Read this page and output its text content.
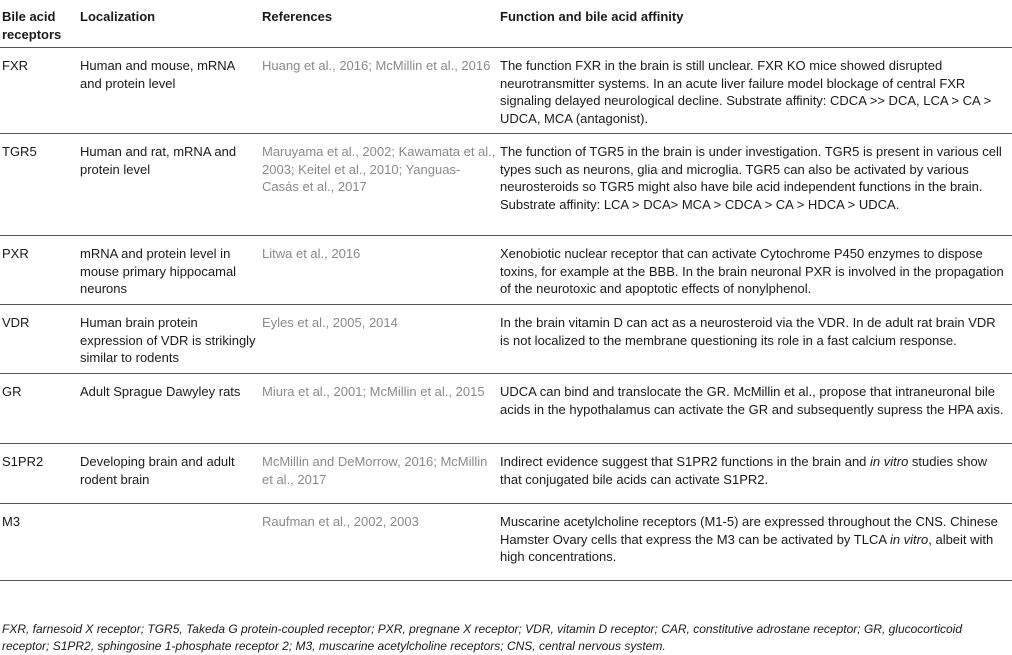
Bile acid receptors	Localization	References	Function and bile acid affinity
FXR	Human and mouse, mRNA and protein level	Huang et al., 2016; McMillin et al., 2016	The function FXR in the brain is still unclear. FXR KO mice showed disrupted neurotransmitter systems. In an acute liver failure model blockage of central FXR signaling delayed neurological decline. Substrate affinity: CDCA >> DCA, LCA > CA > UDCA, MCA (antagonist).
TGR5	Human and rat, mRNA and protein level	Maruyama et al., 2002; Kawamata et al., 2003; Keitel et al., 2010; Yanguas-Casás et al., 2017	The function of TGR5 in the brain is under investigation. TGR5 is present in various cell types such as neurons, glia and microglia. TGR5 can also be activated by various neurosteroids so TGR5 might also have bile acid independent functions in the brain. Substrate affinity: LCA > DCA> MCA > CDCA > CA > HDCA > UDCA.
PXR	mRNA and protein level in mouse primary hippocamal neurons	Litwa et al., 2016	Xenobiotic nuclear receptor that can activate Cytochrome P450 enzymes to dispose toxins, for example at the BBB. In the brain neuronal PXR is involved in the propagation of the neurotoxic and apoptotic effects of nonylphenol.
VDR	Human brain protein expression of VDR is strikingly similar to rodents	Eyles et al., 2005, 2014	In the brain vitamin D can act as a neurosteroid via the VDR. In de adult rat brain VDR is not localized to the membrane questioning its role in a fast calcium response.
GR	Adult Sprague Dawyley rats	Miura et al., 2001; McMillin et al., 2015	UDCA can bind and translocate the GR. McMillin et al., propose that intraneuronal bile acids in the hypothalamus can activate the GR and subsequently supress the HPA axis.
S1PR2	Developing brain and adult rodent brain	McMillin and DeMorrow, 2016; McMillin et al., 2017	Indirect evidence suggest that S1PR2 functions in the brain and in vitro studies show that conjugated bile acids can activate S1PR2.
M3		Raufman et al., 2002, 2003	Muscarine acetylcholine receptors (M1-5) are expressed throughout the CNS. Chinese Hamster Ovary cells that express the M3 can be activated by TLCA in vitro, albeit with high concentrations.
FXR, farnesoid X receptor; TGR5, Takeda G protein-coupled receptor; PXR, pregnane X receptor; VDR, vitamin D receptor; CAR, constitutive adrostane receptor; GR, glucocorticoid receptor; S1PR2, sphingosine 1-phosphate receptor 2; M3, muscarine acetylcholine receptors; CNS, central nervous system.
